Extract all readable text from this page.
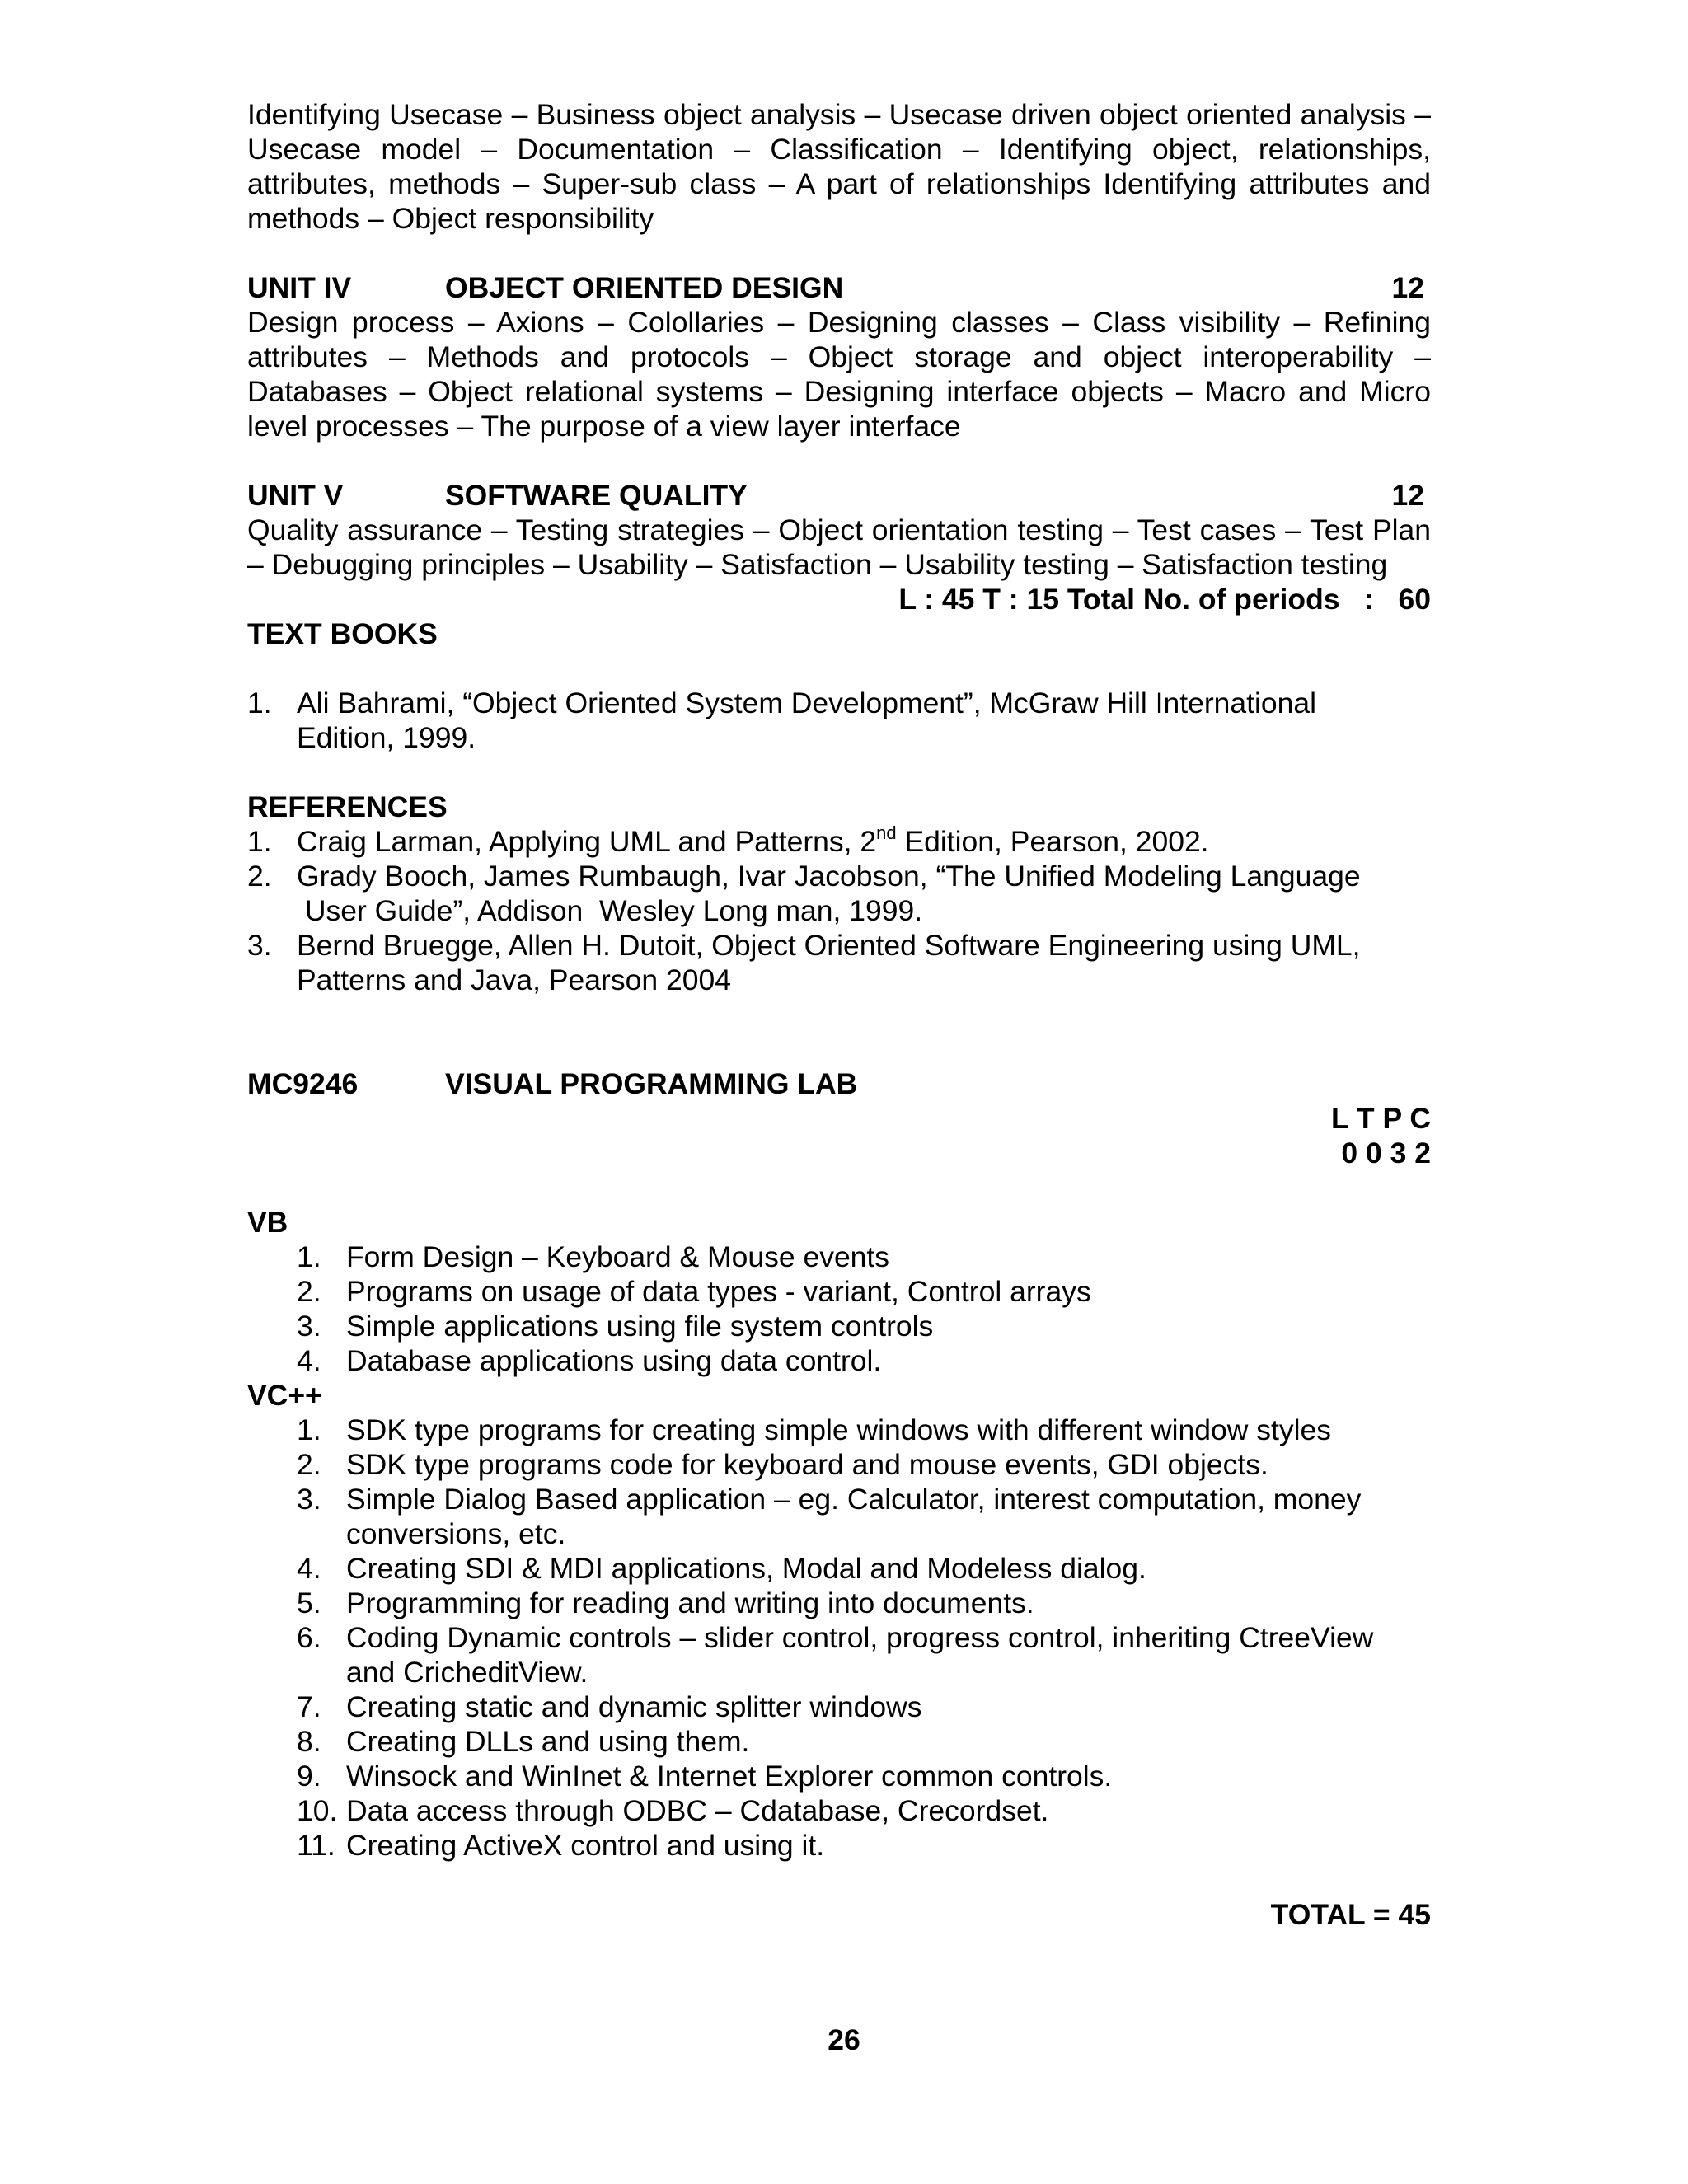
Identifying Usecase – Business object analysis – Usecase driven object oriented analysis – Usecase model – Documentation – Classification – Identifying object, relationships, attributes, methods – Super-sub class – A part of relationships Identifying attributes and methods – Object responsibility

UNIT IV	OBJECT ORIENTED DESIGN	12

Design process – Axions – Colollaries – Designing classes – Class visibility – Refining attributes – Methods and protocols – Object storage and object interoperability – Databases – Object relational systems – Designing interface objects – Macro and Micro level processes – The purpose of a view layer interface

UNIT V	SOFTWARE QUALITY	12

Quality assurance – Testing strategies – Object orientation testing – Test cases – Test Plan – Debugging principles – Usability – Satisfaction – Usability testing – Satisfaction testing

L : 45 T : 15 Total No. of periods   :   60
TEXT BOOKS
1. Ali Bahrami, “Object Oriented System Development”, McGraw Hill International
Edition, 1999.
REFERENCES
1. Craig Larman, Applying UML and Patterns, 2nd Edition, Pearson, 2002.
2. Grady Booch, James Rumbaugh, Ivar Jacobson, “The Unified Modeling Language
User Guide”, Addison  Wesley Long man, 1999.
3. Bernd Bruegge, Allen H. Dutoit, Object Oriented Software Engineering using UML,
Patterns and Java, Pearson 2004
MC9246	VISUAL PROGRAMMING LAB
L T P C
0 0 3 2
VB
1. Form Design – Keyboard & Mouse events
2. Programs on usage of data types - variant, Control arrays
3. Simple applications using file system controls
4. Database applications using data control.
VC++
1. SDK type programs for creating simple windows with different window styles
2. SDK type programs code for keyboard and mouse events, GDI objects.
3. Simple Dialog Based application – eg. Calculator, interest computation, money
conversions, etc.
4. Creating SDI & MDI applications, Modal and Modeless dialog.
5. Programming for reading and writing into documents.
6. Coding Dynamic controls – slider control, progress control, inheriting CtreeView
and CricheditView.
7. Creating static and dynamic splitter windows
8. Creating DLLs and using them.
9. Winsock and WinInet & Internet Explorer common controls.
10. Data access through ODBC – Cdatabase, Crecordset.
11. Creating ActiveX control and using it.
TOTAL = 45
26
